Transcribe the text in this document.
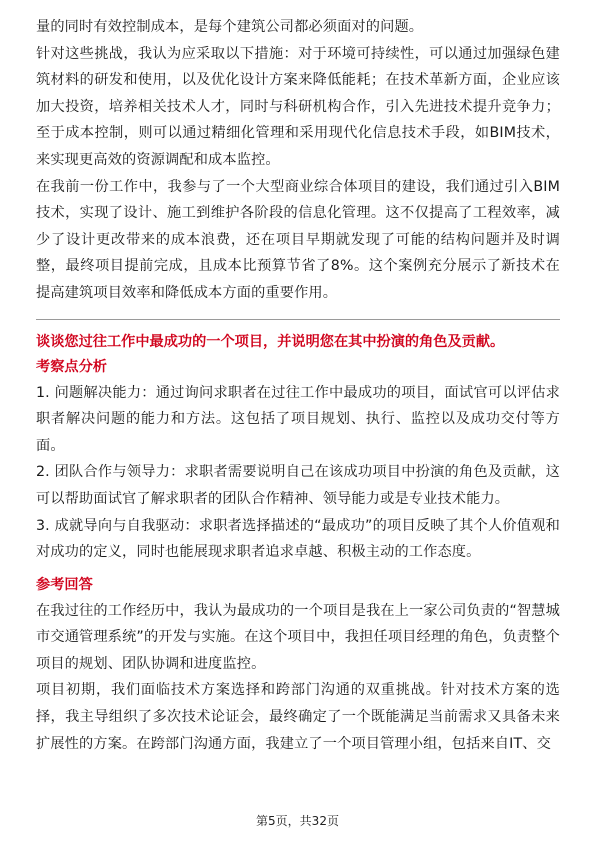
量的同时有效控制成本，是每个建筑公司都必须面对的问题。

针对这些挑战，我认为应采取以下措施：对于环境可持续性，可以通过加强绿色建筑材料的研发和使用，以及优化设计方案来降低能耗；在技术革新方面，企业应该加大投资，培养相关技术人才，同时与科研机构合作，引入先进技术提升竞争力；至于成本控制，则可以通过精细化管理和采用现代化信息技术手段，如BIM技术，来实现更高效的资源调配和成本监控。

在我前一份工作中，我参与了一个大型商业综合体项目的建设，我们通过引入BIM技术，实现了设计、施工到维护各阶段的信息化管理。这不仅提高了工程效率，减少了设计更改带来的成本浪费，还在项目早期就发现了可能的结构问题并及时调整，最终项目提前完成，且成本比预算节省了8%。这个案例充分展示了新技术在提高建筑项目效率和降低成本方面的重要作用。

谈谈您过往工作中最成功的一个项目，并说明您在其中扮演的角色及贡献。
考察点分析

1. 问题解决能力：通过询问求职者在过往工作中最成功的项目，面试官可以评估求职者解决问题的能力和方法。这包括了项目规划、执行、监控以及成功交付等方面。

2. 团队合作与领导力：求职者需要说明自己在该成功项目中扮演的角色及贡献，这可以帮助面试官了解求职者的团队合作精神、领导能力或是专业技术能力。

3. 成就导向与自我驱动：求职者选择描述的“最成功”的项目反映了其个人价值观和对成功的定义，同时也能展现求职者追求卓越、积极主动的工作态度。

参考回答

在我过往的工作经历中，我认为最成功的一个项目是我在上一家公司负责的“智慧城市交通管理系统”的开发与实施。在这个项目中，我担任项目经理的角色，负责整个项目的规划、团队协调和进度监控。

项目初期，我们面临技术方案选择和跨部门沟通的双重挑战。针对技术方案的选择，我主导组织了多次技术论证会，最终确定了一个既能满足当前需求又具备未来扩展性的方案。在跨部门沟通方面，我建立了一个项目管理小组，包括来自IT、交

第5页，共32页
